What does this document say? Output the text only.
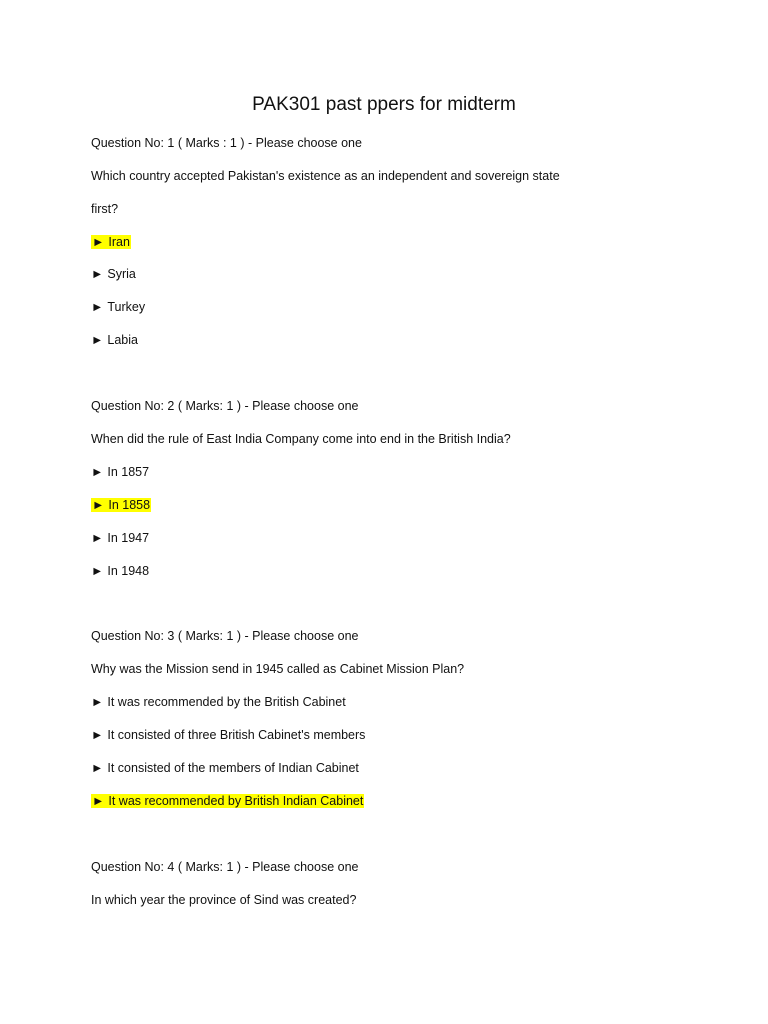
PAK301 past ppers for midterm
Question No: 1 ( Marks : 1 ) - Please choose one
Which country accepted Pakistan's existence as an independent and sovereign state
first?
► Iran
► Syria
► Turkey
► Labia
Question No: 2 ( Marks: 1 ) - Please choose one
When did the rule of East India Company come into end in the British India?
► In 1857
► In 1858
► In 1947
► In 1948
Question No: 3 ( Marks: 1 ) - Please choose one
Why was the Mission send in 1945 called as Cabinet Mission Plan?
► It was recommended by the British Cabinet
► It consisted of three British Cabinet's members
► It consisted of the members of Indian Cabinet
► It was recommended by British Indian Cabinet
Question No: 4 ( Marks: 1 ) - Please choose one
In which year the province of Sind was created?
